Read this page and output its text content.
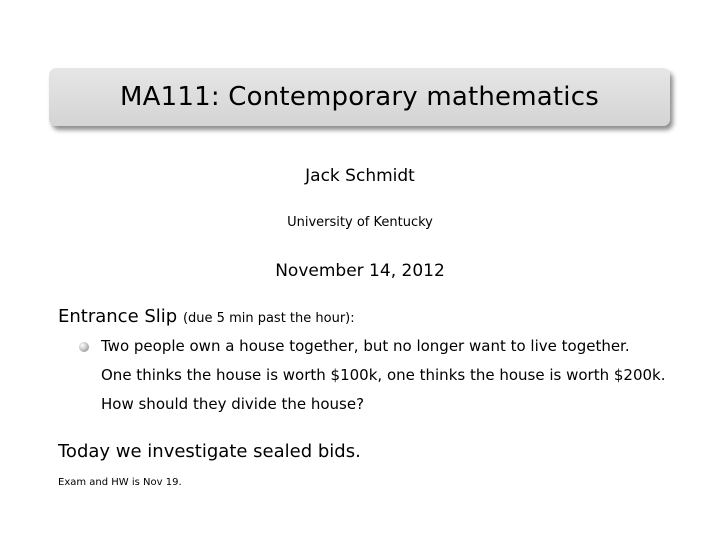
MA111: Contemporary mathematics
Jack Schmidt
University of Kentucky
November 14, 2012
Entrance Slip (due 5 min past the hour):
Two people own a house together, but no longer want to live together.
One thinks the house is worth $100k, one thinks the house is worth $200k.
How should they divide the house?
Today we investigate sealed bids.
Exam and HW is Nov 19.
